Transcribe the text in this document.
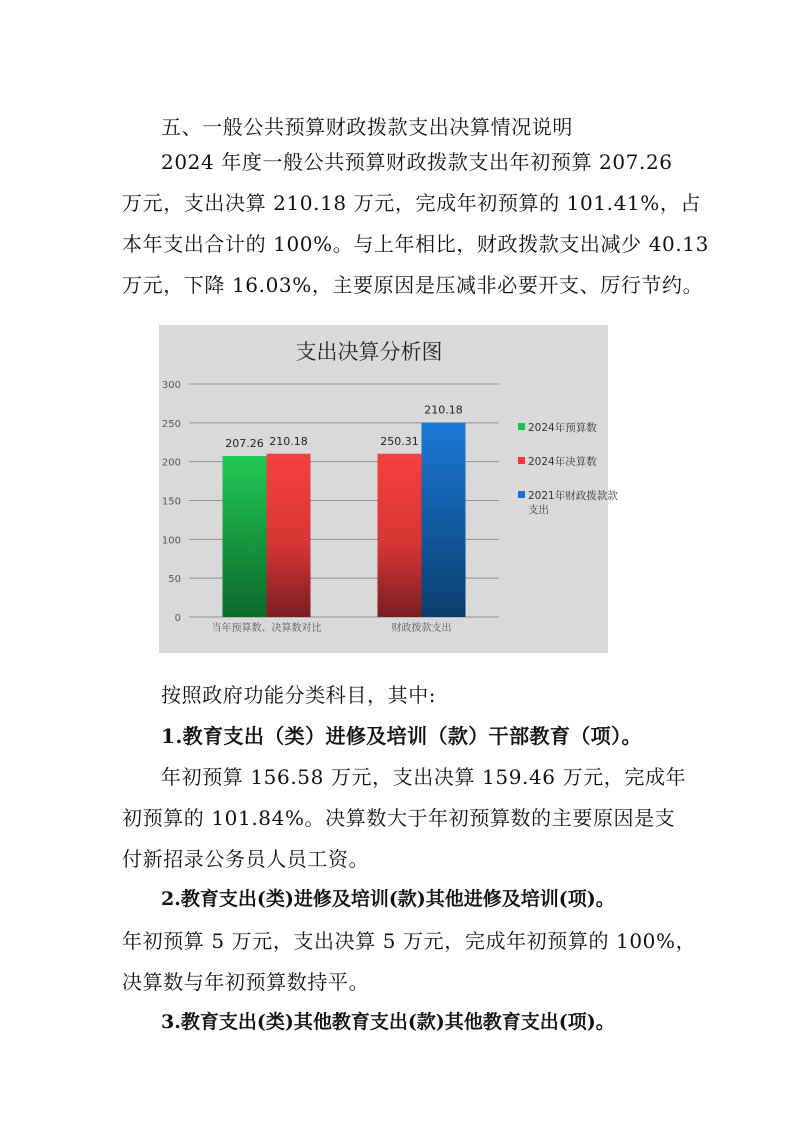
五、一般公共预算财政拨款支出决算情况说明
2024 年度一般公共预算财政拨款支出年初预算 207.26
万元，支出决算 210.18 万元，完成年初预算的 101.41%，占
本年支出合计的 100%。与上年相比，财政拨款支出减少 40.13
万元，下降 16.03%，主要原因是压减非必要开支、厉行节约。
支出决算分析图
0
50
100
150
200
250
300
当年预算数、决算数对比	财政拨款支出
207.26 210.18	250.31
210.18
2024年预算数
2024年决算数
2021年财政拨款款
支出
按照政府功能分类科目，其中:
1.教育支出（类）进修及培训（款）干部教育（项）。
年初预算 156.58 万元，支出决算 159.46 万元，完成年
初预算的 101.84%。决算数大于年初预算数的主要原因是支
付新招录公务员人员工资。
2.教育支出(类)进修及培训(款)其他进修及培训(项)。
年初预算 5 万元，支出决算 5 万元，完成年初预算的 100%，
决算数与年初预算数持平。
3.教育支出(类)其他教育支出(款)其他教育支出(项)。
